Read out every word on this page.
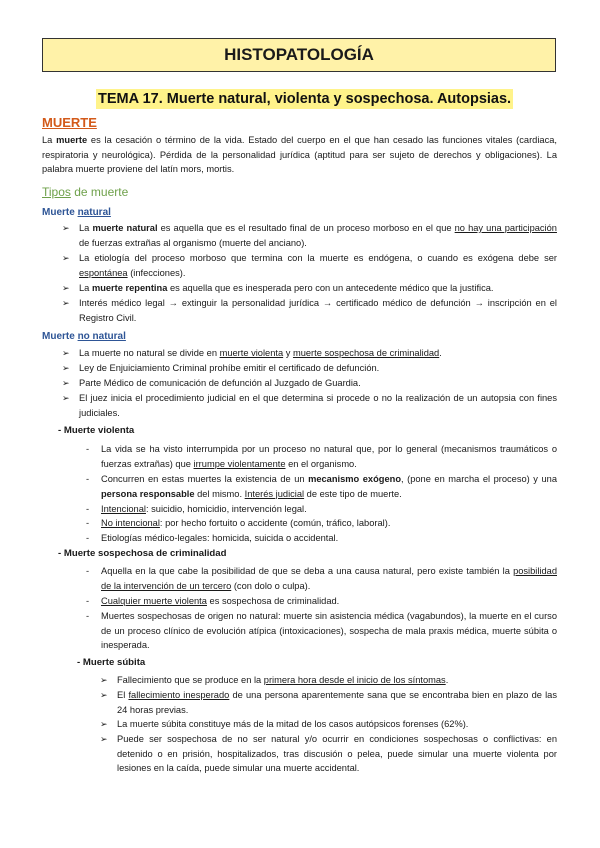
HISTOPATOLOGÍA
TEMA 17. Muerte natural, violenta y sospechosa. Autopsias.
MUERTE
La muerte es la cesación o término de la vida. Estado del cuerpo en el que han cesado las funciones vitales (cardiaca, respiratoria y neurológica). Pérdida de la personalidad jurídica (aptitud para ser sujeto de derechos y obligaciones). La palabra muerte proviene del latín mors, mortis.
Tipos de muerte
Muerte natural
➢ La muerte natural es aquella que es el resultado final de un proceso morboso en el que no hay una participación de fuerzas extrañas al organismo (muerte del anciano).
➢ La etiología del proceso morboso que termina con la muerte es endógena, o cuando es exógena debe ser espontánea (infecciones).
➢ La muerte repentina es aquella que es inesperada pero con un antecedente médico que la justifica.
➢ Interés médico legal → extinguir la personalidad jurídica → certificado médico de defunción → inscripción en el Registro Civil.
Muerte no natural
➢ La muerte no natural se divide en muerte violenta y muerte sospechosa de criminalidad.
➢ Ley de Enjuiciamiento Criminal prohíbe emitir el certificado de defunción.
➢ Parte Médico de comunicación de defunción al Juzgado de Guardia.
➢ El juez inicia el procedimiento judicial en el que determina si procede o no la realización de un autopsia con fines judiciales.
- Muerte violenta
- La vida se ha visto interrumpida por un proceso no natural que, por lo general (mecanismos traumáticos o fuerzas extrañas) que irrumpe violentamente en el organismo.
- Concurren en estas muertes la existencia de un mecanismo exógeno, (pone en marcha el proceso) y una persona responsable del mismo. Interés judicial de este tipo de muerte.
- Intencional: suicidio, homicidio, intervención legal.
- No intencional: por hecho fortuito o accidente (común, tráfico, laboral).
- Etiologías médico-legales: homicida, suicida o accidental.
- Muerte sospechosa de criminalidad
- Aquella en la que cabe la posibilidad de que se deba a una causa natural, pero existe también la posibilidad de la intervención de un tercero (con dolo o culpa).
- Cualquier muerte violenta es sospechosa de criminalidad.
- Muertes sospechosas de origen no natural: muerte sin asistencia médica (vagabundos), la muerte en el curso de un proceso clínico de evolución atípica (intoxicaciones), sospecha de mala praxis médica, muerte súbita o inesperada.
- Muerte súbita
➢ Fallecimiento que se produce en la primera hora desde el inicio de los síntomas.
➢ El fallecimiento inesperado de una persona aparentemente sana que se encontraba bien en plazo de las 24 horas previas.
➢ La muerte súbita constituye más de la mitad de los casos autópsicos forenses (62%).
➢ Puede ser sospechosa de no ser natural y/o ocurrir en condiciones sospechosas o conflictivas: en detenido o en prisión, hospitalizados, tras discusión o pelea, puede simular una muerte violenta por lesiones en la caída, puede simular una muerte accidental.
